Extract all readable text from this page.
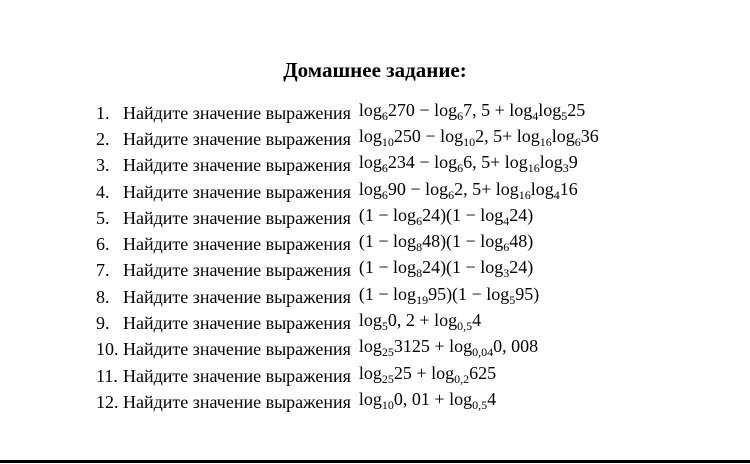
Домашнее задание:
1. Найдите значение выражения $\log_6270 - \log_67$, $5 + \log_4\log_525$
2. Найдите значение выражения $\log_{10}250 - \log_{10}2$, $5+ \log_{16}\log_636$
3. Найдите значение выражения $\log_6234 - \log_66$, $5+ \log_{16}\log_39$
4. Найдите значение выражения $\log_690 - \log_62$, $5+ \log_{16}\log_416$
5. Найдите значение выражения $(1 - \log_624)(1 - \log_424)$
6. Найдите значение выражения $(1 - \log_848)(1 - \log_648)$
7. Найдите значение выражения $(1 - \log_824)(1 - \log_324)$
8. Найдите значение выражения $(1 - \log_{19}95)(1 - \log_595)$
9. Найдите значение выражения $\log_50$, $2 + \log_{0,5}4$
10. Найдите значение выражения $\log_{25}3125 + \log_{0,04}0$, 008
11. Найдите значение выражения $\log_{25}25 + \log_{0,2}625$
12. Найдите значение выражения $\log_{10}0$, $01 + \log_{0,5}4$
